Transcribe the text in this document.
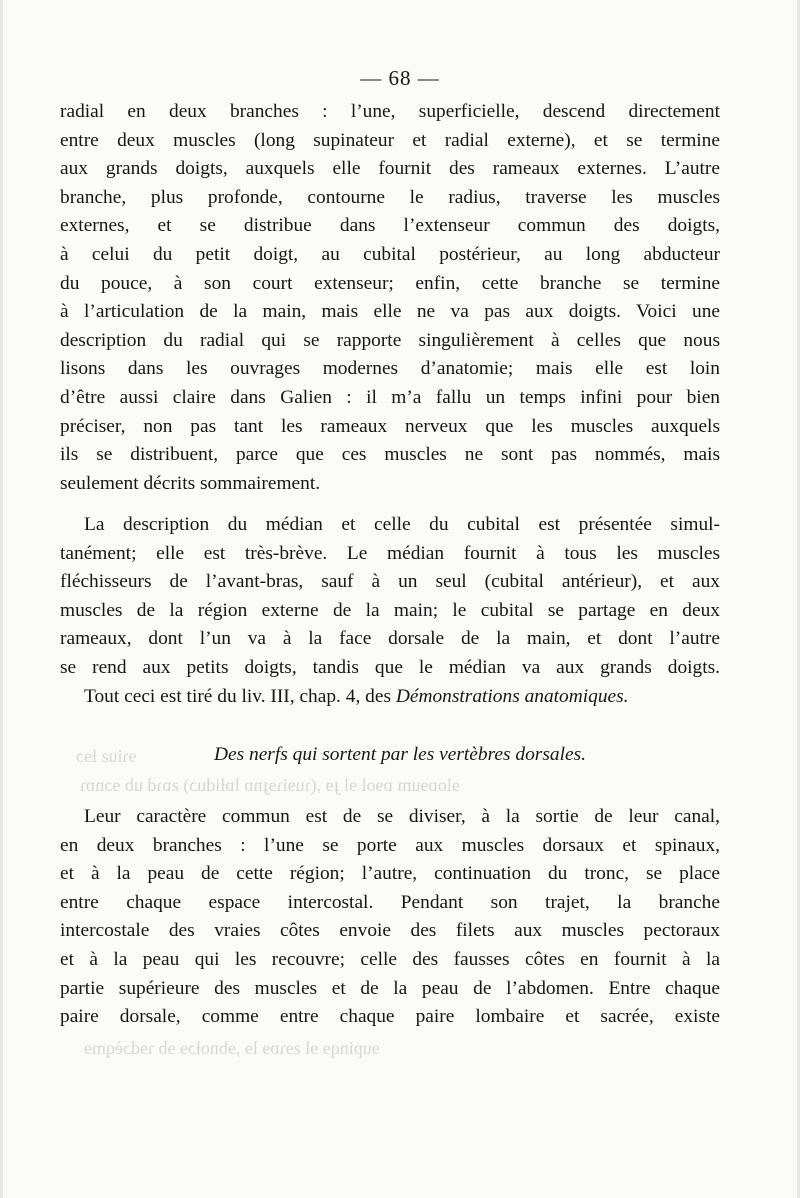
— 68 —
radial en deux branches : l’une, superficielle, descend directement
entre deux muscles (long supinateur et radial externe), et se termine
aux grands doigts, auxquels elle fournit des rameaux externes. L’autre
branche, plus profonde, contourne le radius, traverse les muscles
externes, et se distribue dans l’extenseur commun des doigts,
à celui du petit doigt, au cubital postérieur, au long abducteur
du pouce, à son court extenseur; enfin, cette branche se termine
à l’articulation de la main, mais elle ne va pas aux doigts. Voici une
description du radial qui se rapporte singulièrement à celles que nous
lisons dans les ouvrages modernes d’anatomie; mais elle est loin
d’être aussi claire dans Galien : il m’a fallu un temps infini pour bien
préciser, non pas tant les rameaux nerveux que les muscles auxquels
ils se distribuent, parce que ces muscles ne sont pas nommés, mais
seulement décrits sommairement.
La description du médian et celle du cubital est présentée simul-
tanément; elle est très-brève. Le médian fournit à tous les muscles
fléchisseurs de l’avant-bras, sauf à un seul (cubital antérieur), et aux
muscles de la région externe de la main; le cubital se partage en deux
rameaux, dont l’un va à la face dorsale de la main, et dont l’autre
se rend aux petits doigts, tandis que le médian va aux grands doigts.
Tout ceci est tiré du liv. III, chap. 4, des Démonstrations anatomiques.
ɘɿiuƨ ƚɘɔ
ɘloɒɘum ɒɘol ɘl ɟɘ ,(ɿuɘiɿɘɟnɒ lɒƚiduɔ) ƨɒɿd ub ɘɔnɒɿ
Des nerfs qui sortent par les vertèbres dorsales.
Leur caractère commun est de se diviser, à la sortie de leur canal,
en deux branches : l’une se porte aux muscles dorsaux et spinaux,
et à la peau de cette région; l’autre, continuation du tronc, se place
entre chaque espace intercostal. Pendant son trajet, la branche
intercostale des vraies côtes envoie des filets aux muscles pectoraux
et à la peau qui les recouvre; celle des fausses côtes en fournit à la
partie supérieure des muscles et de la peau de l’abdomen. Entre chaque
paire dorsale, comme entre chaque paire lombaire et sacrée, existe
ɘupinqɘ ɘl ƨɘɿɒɘ lɘ ,ɘbnoƚɔɘ ɘb ɿɘdɔèqmɘ
